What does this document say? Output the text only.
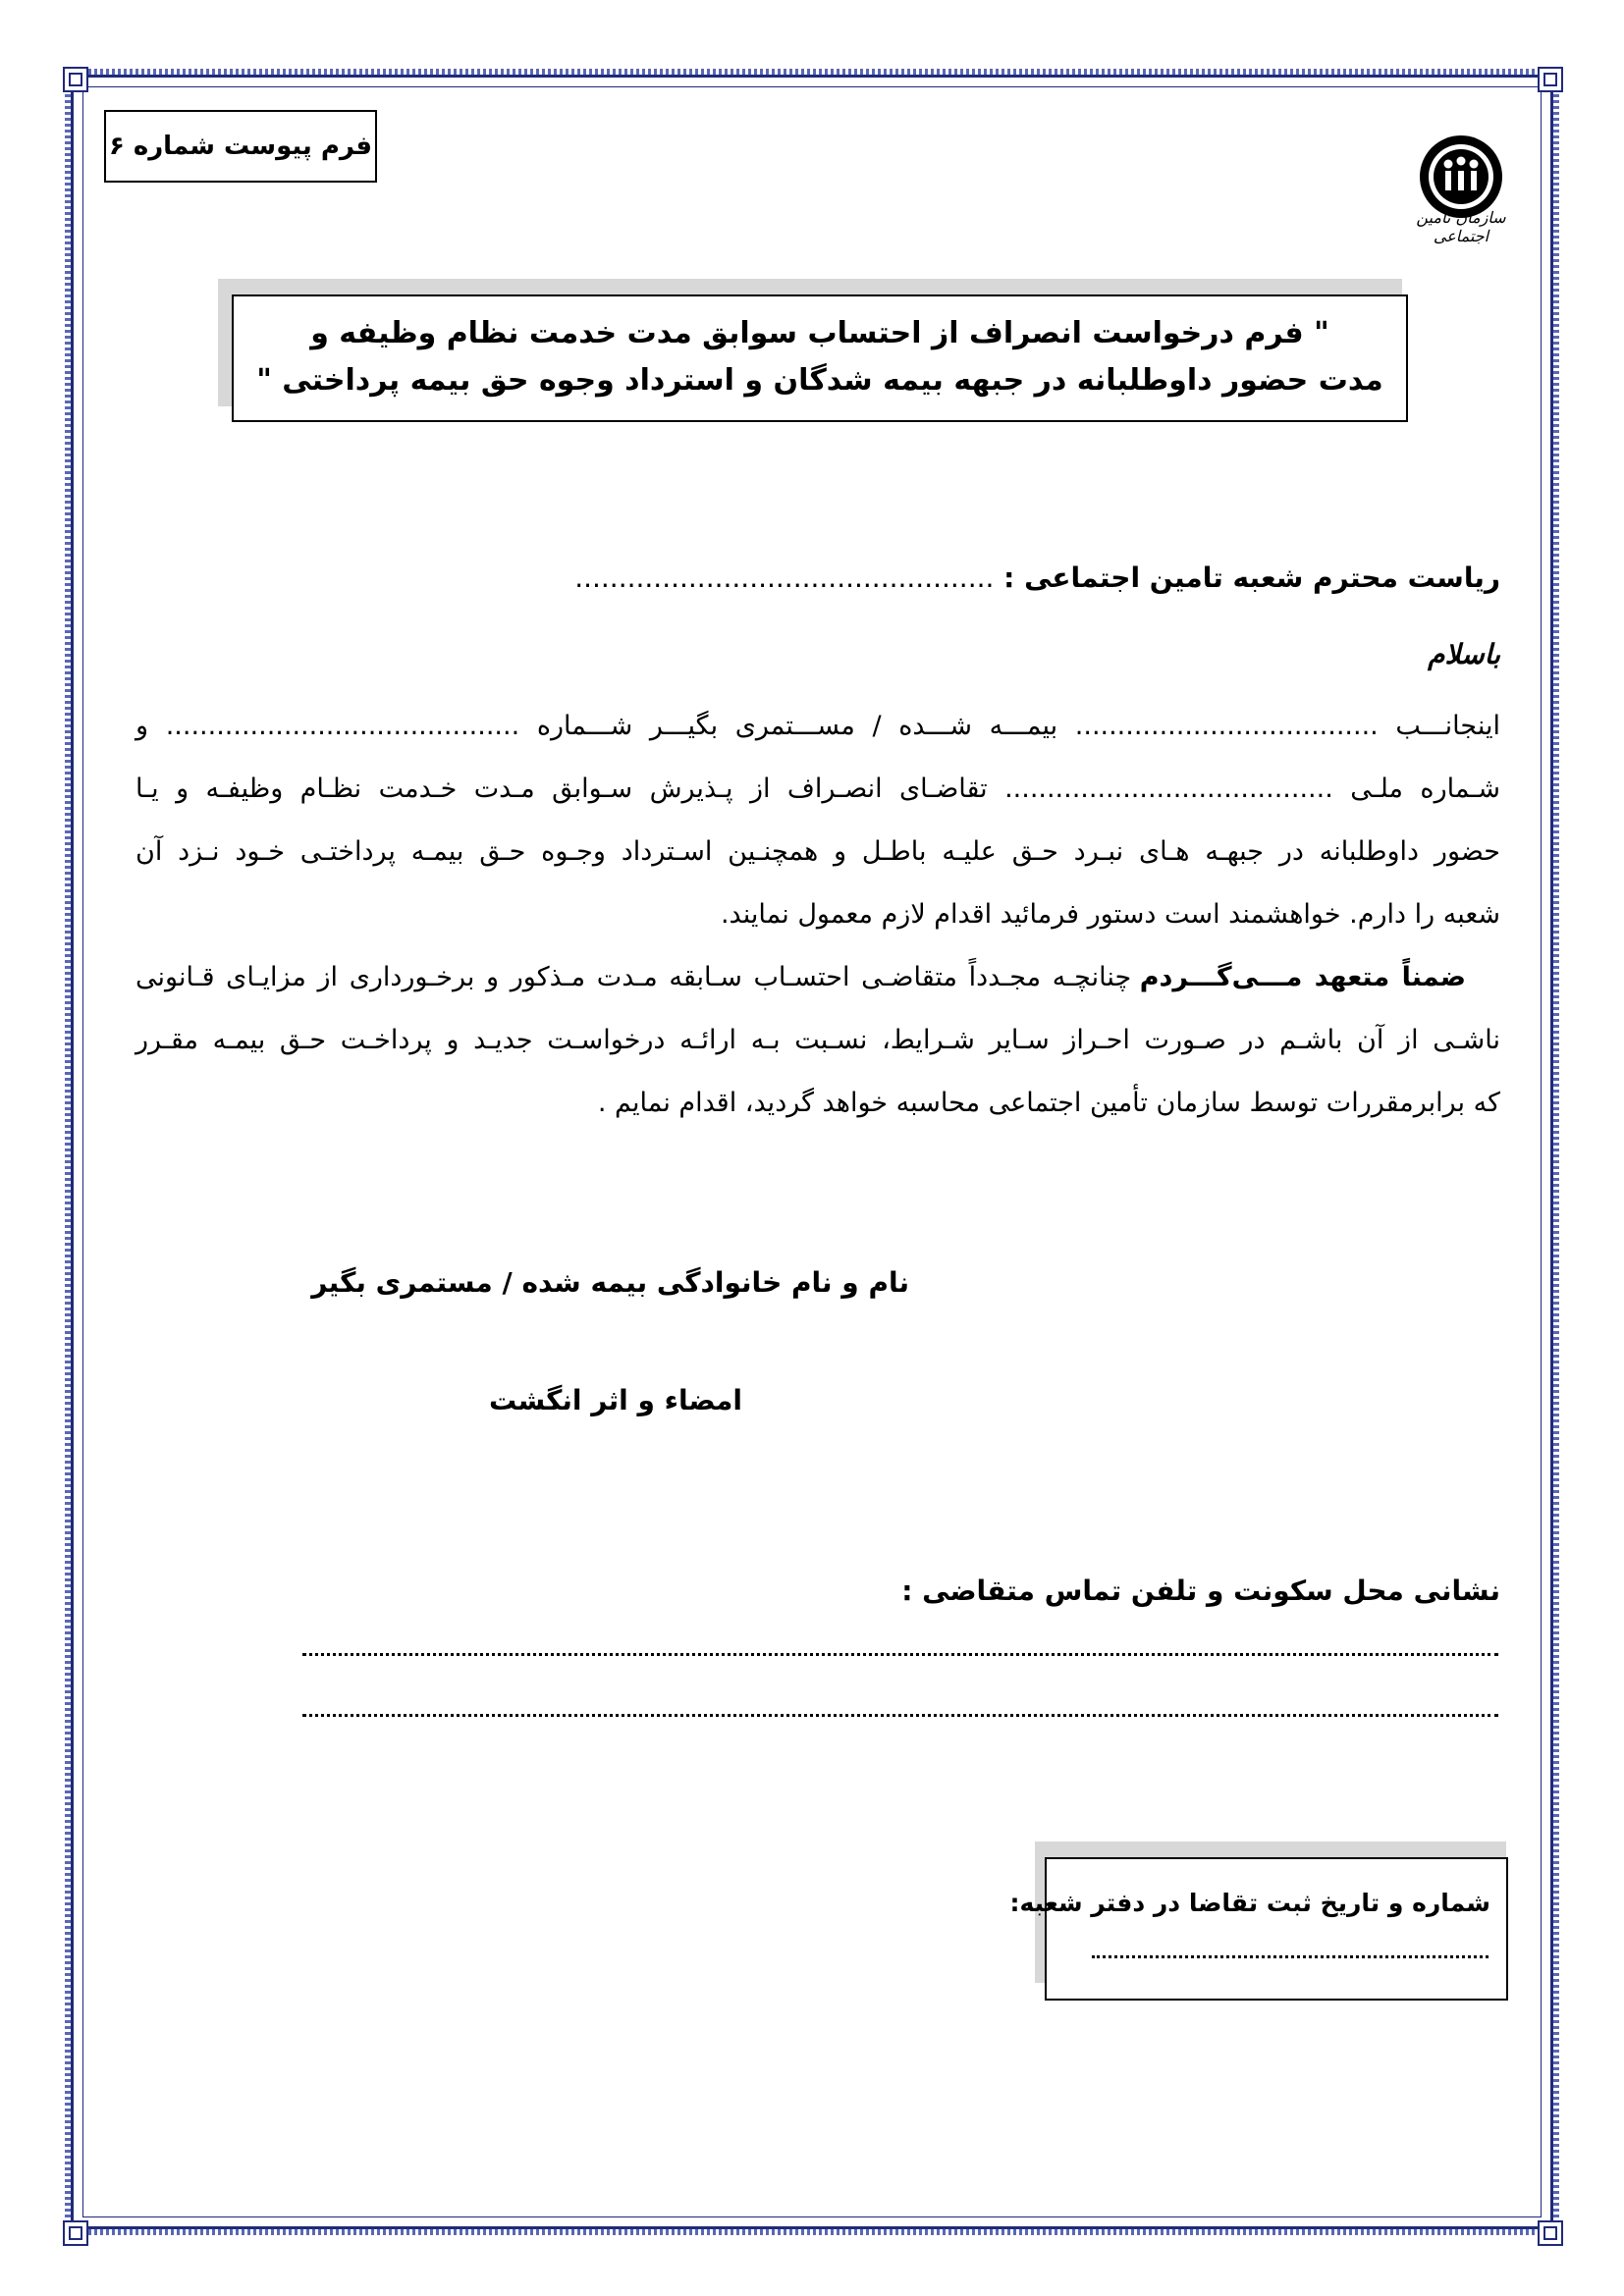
فرم پیوست شماره ۶
سازمان تأمین اجتماعی
" فرم درخواست انصراف از احتساب سوابق مدت خدمت نظام وظیفه و
مدت حضور داوطلبانه در جبهه بیمه شدگان و استرداد وجوه حق بیمه پرداختی "
ریاست محترم شعبه تامین اجتماعی : ................................................
باسلام
اینجانـــب .................................... بیمـــه شـــده / مســـتمری بگیـــر شـــماره .......................................... و
شـماره ملـی ....................................... تقاضـای انصـراف از پـذیرش سـوابق مـدت خـدمت نظـام وظیفـه و یـا
حضور داوطلبانه در جبهـه هـای نبـرد حـق علیـه باطـل و همچنـین اسـترداد وجـوه حـق بیمـه پرداختـی خـود نـزد آن
شعبه را دارم. خواهشمند است دستور فرمائید اقدام لازم معمول نمایند.
ضمناً متعهد مـــی‌گـــردم چنانچـه مجـدداً متقاضـی احتسـاب سـابقه مـدت مـذکور و برخـورداری از مزایـای قـانونی
ناشـی از آن باشـم در صـورت احـراز سـایر شـرایط، نسـبت بـه ارائـه درخواسـت جدیـد و پرداخـت حـق بیمـه مقـرر
که برابرمقررات توسط سازمان تأمین اجتماعی محاسبه خواهد گردید، اقدام نمایم .
نام و نام خانوادگی بیمه شده / مستمری بگیر
امضاء و اثر انگشت
نشانی محل سکونت و تلفن تماس متقاضی :
شماره و تاریخ ثبت تقاضا در دفتر شعبه:
